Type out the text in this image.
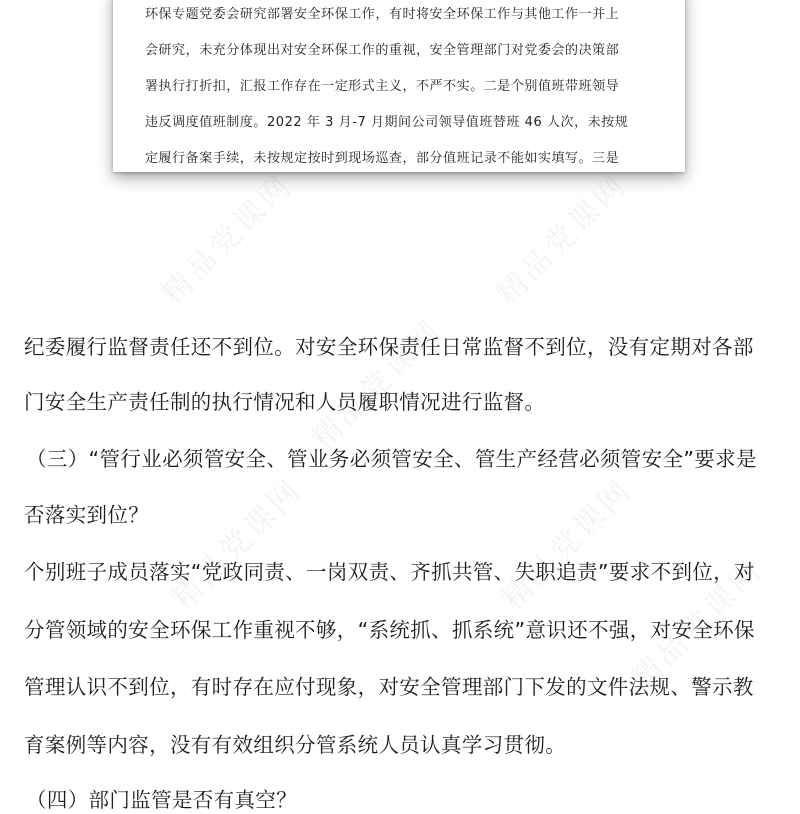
精品党课网	精品党课网
精品党课网
精品党课网	精品党课网
精品党课网
环保专题党委会研究部署安全环保工作，有时将安全环保工作与其他工作一并上
会研究，未充分体现出对安全环保工作的重视，安全管理部门对党委会的决策部
署执行打折扣，汇报工作存在一定形式主义，不严不实。二是个别值班带班领导
违反调度值班制度。2022 年 3 月-7 月期间公司领导值班替班 46 人次，未按规
定履行备案手续，未按规定按时到现场巡查，部分值班记录不能如实填写。三是
纪委履行监督责任还不到位。对安全环保责任日常监督不到位，没有定期对各部
门安全生产责任制的执行情况和人员履职情况进行监督。
（三）“管行业必须管安全、管业务必须管安全、管生产经营必须管安全”要求是
否落实到位？
个别班子成员落实“党政同责、一岗双责、齐抓共管、失职追责”要求不到位，对
分管领域的安全环保工作重视不够，“系统抓、抓系统”意识还不强，对安全环保
管理认识不到位，有时存在应付现象，对安全管理部门下发的文件法规、警示教
育案例等内容，没有有效组织分管系统人员认真学习贯彻。
（四）部门监管是否有真空？
